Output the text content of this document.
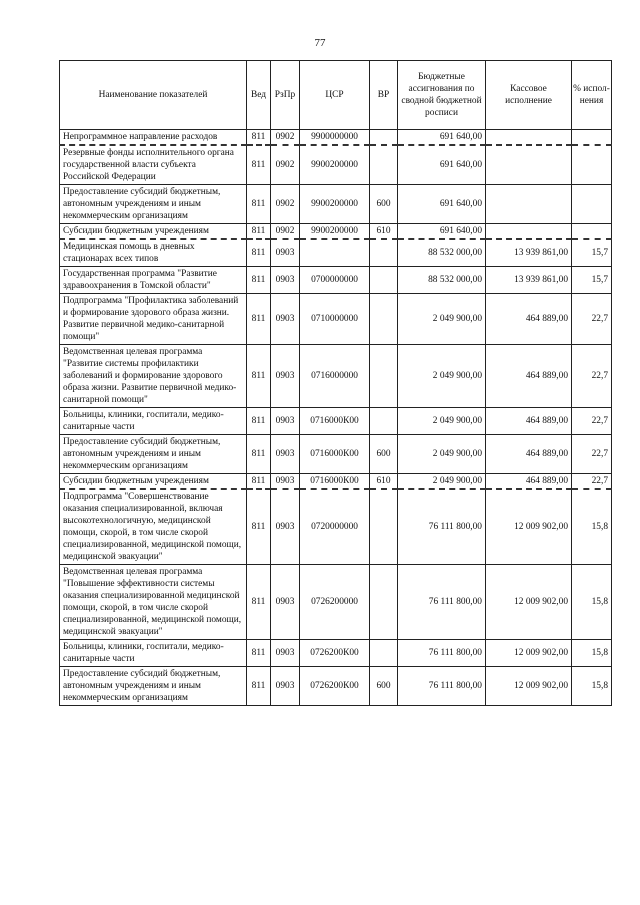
77
Наименование показателей	Вед	РзПр	ЦСР	ВР	Бюджетные ассигнования по сводной бюджетной росписи	Кассовое исполнение	% испол-нения
Непрограммное направление расходов	811	0902	9900000000		691 640,00		
Резервные фонды исполнительного органа государственной власти субъекта Российской Федерации	811	0902	9900200000		691 640,00		
Предоставление субсидий бюджетным, автономным учреждениям и иным некоммерческим организациям	811	0902	9900200000	600	691 640,00		
Субсидии бюджетным учреждениям	811	0902	9900200000	610	691 640,00		
Медицинская помощь в дневных стационарах всех типов	811	0903			88 532 000,00	13 939 861,00	15,7
Государственная программа "Развитие здравоохранения в Томской области"	811	0903	0700000000		88 532 000,00	13 939 861,00	15,7
Подпрограмма "Профилактика заболеваний и формирование здорового образа жизни. Развитие первичной медико-санитарной помощи"	811	0903	0710000000		2 049 900,00	464 889,00	22,7
Ведомственная целевая программа "Развитие системы профилактики заболеваний и формирование здорового образа жизни. Развитие первичной медико-санитарной помощи"	811	0903	0716000000		2 049 900,00	464 889,00	22,7
Больницы, клиники, госпитали, медико-санитарные части	811	0903	0716000К00		2 049 900,00	464 889,00	22,7
Предоставление субсидий бюджетным, автономным учреждениям и иным некоммерческим организациям	811	0903	0716000К00	600	2 049 900,00	464 889,00	22,7
Субсидии бюджетным учреждениям	811	0903	0716000К00	610	2 049 900,00	464 889,00	22,7
Подпрограмма "Совершенствование оказания специализированной, включая высокотехнологичную, медицинской помощи, скорой, в том числе скорой специализированной, медицинской помощи, медицинской эвакуации"	811	0903	0720000000		76 111 800,00	12 009 902,00	15,8
Ведомственная целевая программа "Повышение эффективности системы оказания специализированной медицинской помощи, скорой, в том числе скорой специализированной, медицинской помощи, медицинской эвакуации"	811	0903	0726200000		76 111 800,00	12 009 902,00	15,8
Больницы, клиники, госпитали, медико-санитарные части	811	0903	0726200К00		76 111 800,00	12 009 902,00	15,8
Предоставление субсидий бюджетным, автономным учреждениям и иным некоммерческим организациям	811	0903	0726200К00	600	76 111 800,00	12 009 902,00	15,8
